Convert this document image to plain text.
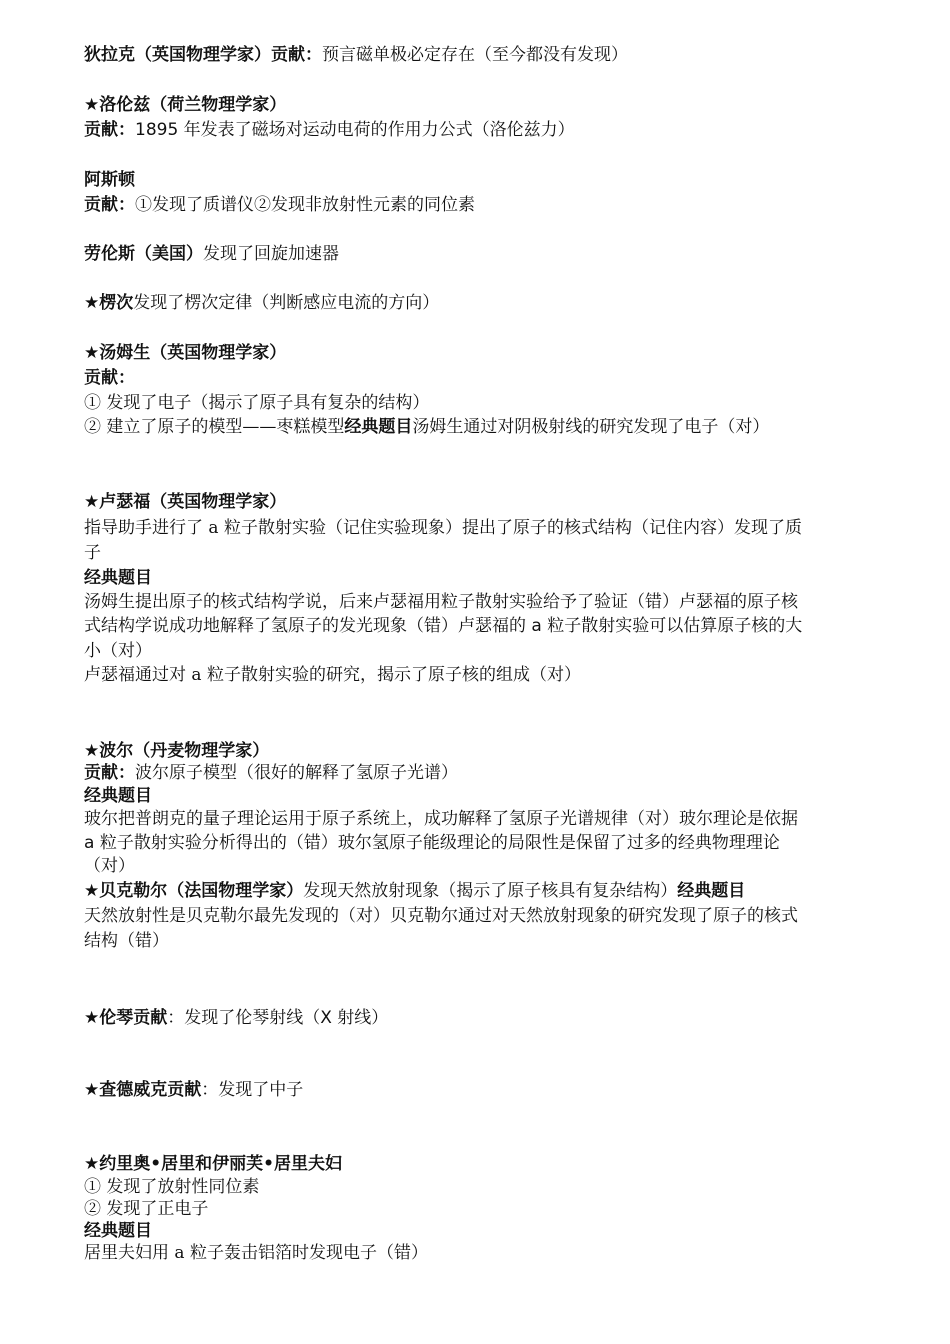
狄拉克（英国物理学家）贡献：预言磁单极必定存在（至今都没有发现）
★洛伦兹（荷兰物理学家）
贡献：1895 年发表了磁场对运动电荷的作用力公式（洛伦兹力）
阿斯顿
贡献：①发现了质谱仪②发现非放射性元素的同位素
劳伦斯（美国）发现了回旋加速器
★楞次发现了楞次定律（判断感应电流的方向）
★汤姆生（英国物理学家）
贡献：
① 发现了电子（揭示了原子具有复杂的结构）
② 建立了原子的模型——枣糕模型经典题目汤姆生通过对阴极射线的研究发现了电子（对）
★卢瑟福（英国物理学家）
指导助手进行了 a 粒子散射实验（记住实验现象）提出了原子的核式结构（记住内容）发现了质
子
经典题目
汤姆生提出原子的核式结构学说，后来卢瑟福用粒子散射实验给予了验证（错）卢瑟福的原子核
式结构学说成功地解释了氢原子的发光现象（错）卢瑟福的 a 粒子散射实验可以估算原子核的大
小（对）
卢瑟福通过对 a 粒子散射实验的研究，揭示了原子核的组成（对）
★波尔（丹麦物理学家）
贡献：波尔原子模型（很好的解释了氢原子光谱）
经典题目
玻尔把普朗克的量子理论运用于原子系统上，成功解释了氢原子光谱规律（对）玻尔理论是依据
a 粒子散射实验分析得出的（错）玻尔氢原子能级理论的局限性是保留了过多的经典物理理论
（对）
★贝克勒尔（法国物理学家）发现天然放射现象（揭示了原子核具有复杂结构）经典题目
天然放射性是贝克勒尔最先发现的（对）贝克勒尔通过对天然放射现象的研究发现了原子的核式
结构（错）
★伦琴贡献：发现了伦琴射线（X 射线）
★查德威克贡献：发现了中子
★约里奥•居里和伊丽芙•居里夫妇
① 发现了放射性同位素
② 发现了正电子
经典题目
居里夫妇用 a 粒子轰击铝箔时发现电子（错）
